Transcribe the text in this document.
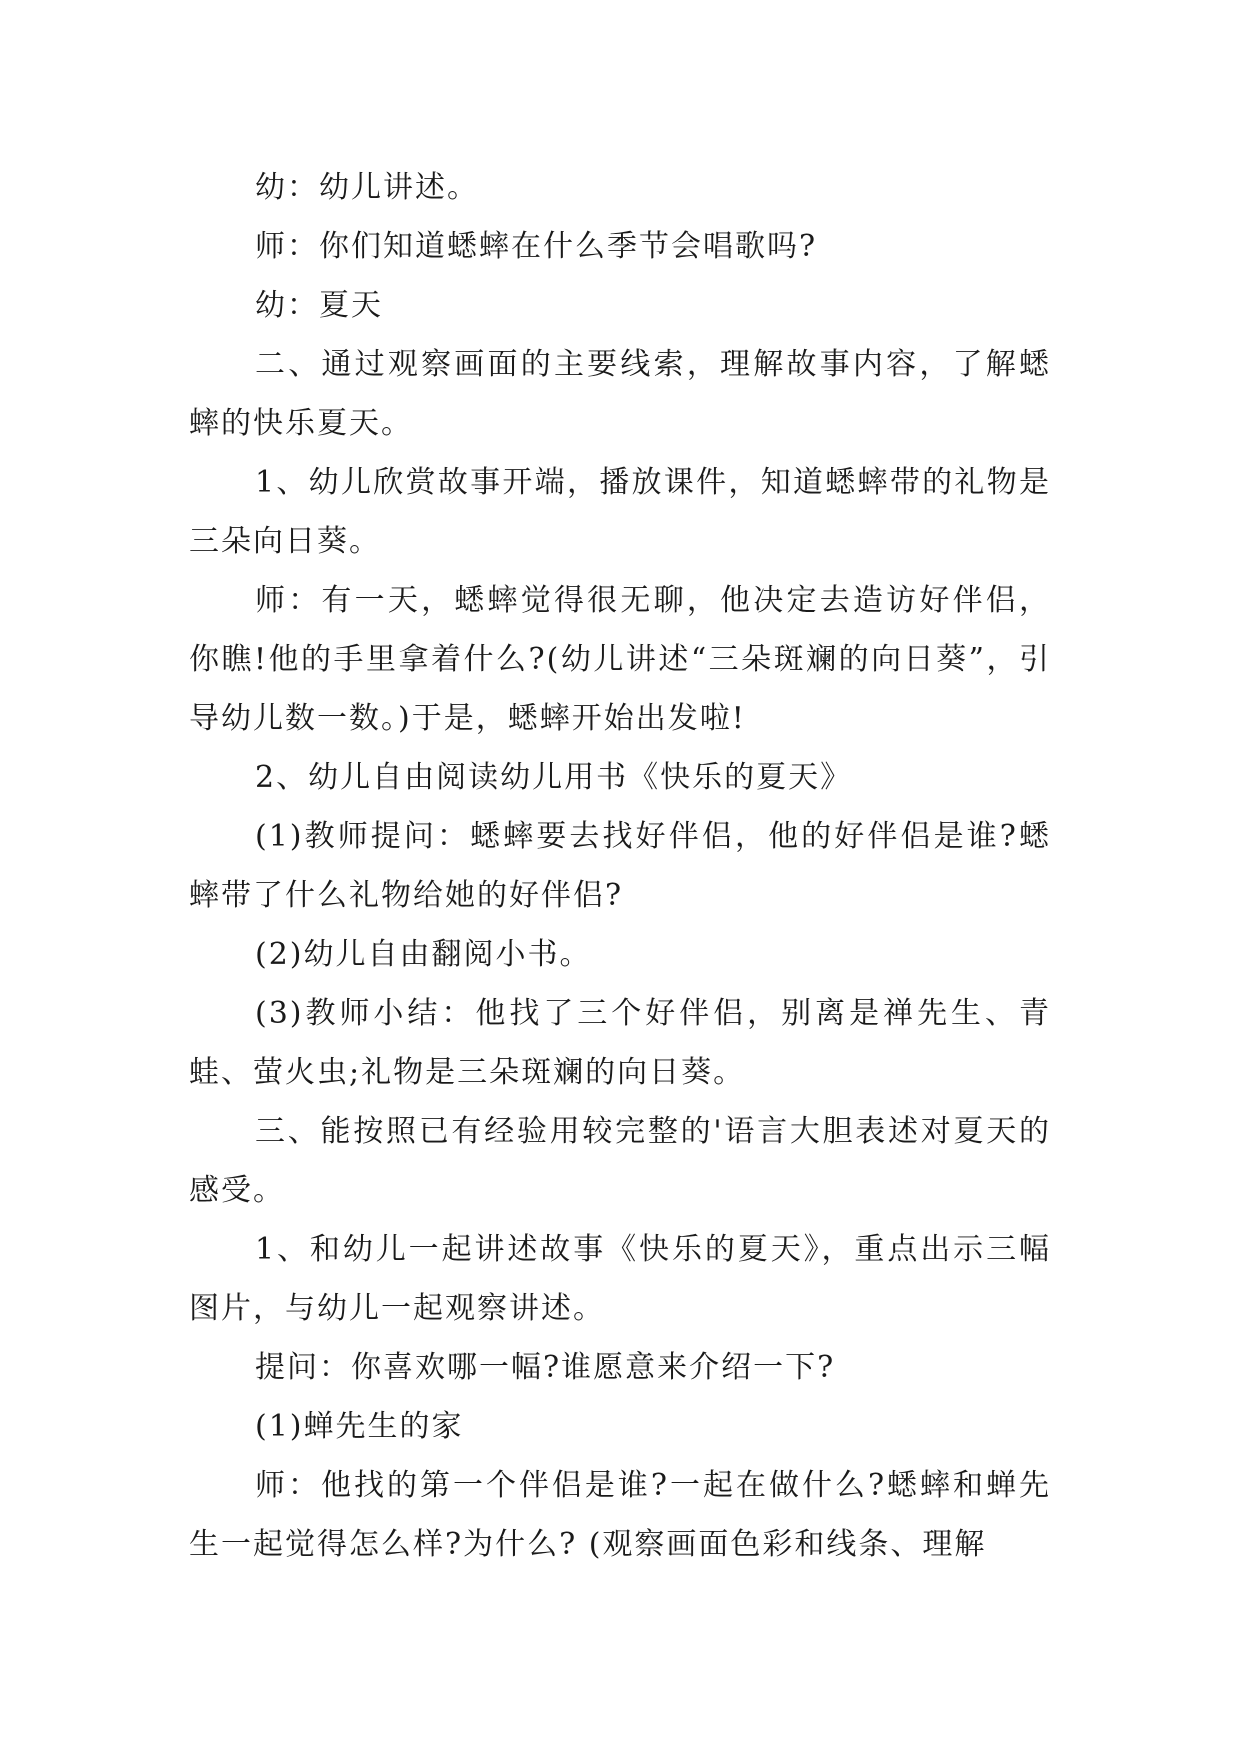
幼：幼儿讲述。

师：你们知道蟋蟀在什么季节会唱歌吗?

幼：夏天

二、通过观察画面的主要线索，理解故事内容，了解蟋蟀的快乐夏天。

1、幼儿欣赏故事开端，播放课件，知道蟋蟀带的礼物是三朵向日葵。

师：有一天，蟋蟀觉得很无聊，他决定去造访好伴侣，你瞧!他的手里拿着什么?(幼儿讲述“三朵斑斓的向日葵”，引导幼儿数一数。)于是，蟋蟀开始出发啦!

2、幼儿自由阅读幼儿用书《快乐的夏天》

(1)教师提问：蟋蟀要去找好伴侣，他的好伴侣是谁?蟋蟀带了什么礼物给她的好伴侣?

(2)幼儿自由翻阅小书。

(3)教师小结：他找了三个好伴侣，别离是禅先生、青蛙、萤火虫;礼物是三朵斑斓的向日葵。

三、能按照已有经验用较完整的'语言大胆表述对夏天的感受。

1、和幼儿一起讲述故事《快乐的夏天》，重点出示三幅图片，与幼儿一起观察讲述。

提问：你喜欢哪一幅?谁愿意来介绍一下?

(1)蝉先生的家

师：他找的第一个伴侣是谁?一起在做什么?蟋蟀和蝉先生一起觉得怎么样?为什么? (观察画面色彩和线条、理解
